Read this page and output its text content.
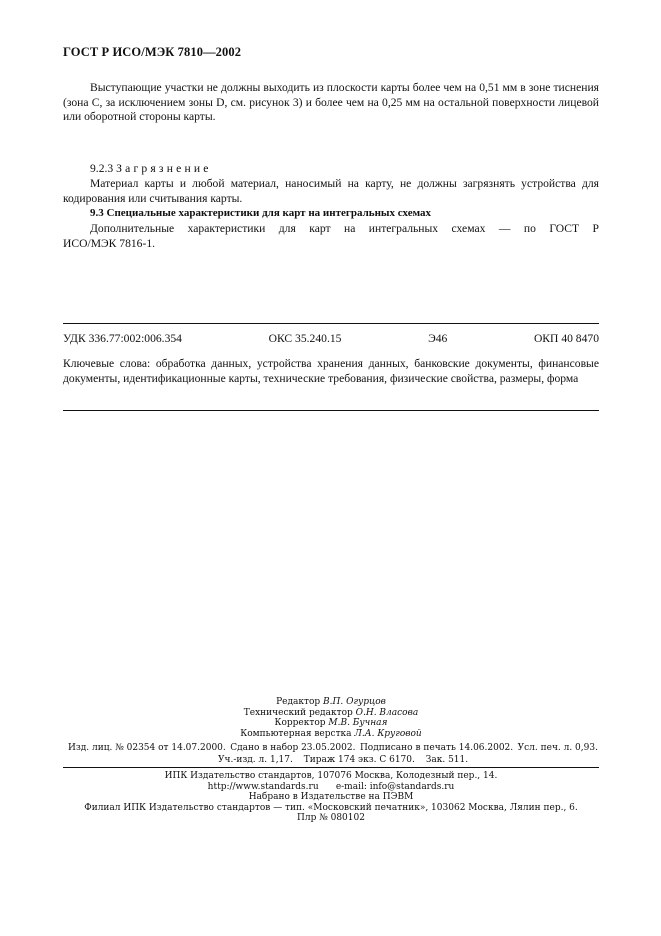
ГОСТ Р ИСО/МЭК 7810—2002
Выступающие участки не должны выходить из плоскости карты более чем на 0,51 мм в зоне тиснения (зона C, за исключением зоны D, см. рисунок 3) и более чем на 0,25 мм на остальной поверхности лицевой или оборотной стороны карты.
9.2.3 Загрязнение
Материал карты и любой материал, наносимый на карту, не должны загрязнять устройства для кодирования или считывания карты.
9.3 Специальные характеристики для карт на интегральных схемах
Дополнительные характеристики для карт на интегральных схемах — по ГОСТ Р
ИСО/МЭК 7816-1.
УДК 336.77:002:006.354	ОКС 35.240.15	Э46	ОКП 40 8470
Ключевые слова: обработка данных, устройства хранения данных, банковские документы, финансовые документы, идентификационные карты, технические требования, физические свойства, размеры, форма
Редактор В.П. Огурцов
Технический редактор О.Н. Власова
Корректор М.В. Бучная
Компьютерная верстка Л.А. Круговой
Изд. лиц. № 02354 от 14.07.2000. Сдано в набор 23.05.2002. Подписано в печать 14.06.2002. Усл. печ. л. 0,93.
Уч.-изд. л. 1,17. Тираж 174 экз. С 6170. Зак. 511.
ИПК Издательство стандартов, 107076 Москва, Колодезный пер., 14.
http://www.standards.ru e-mail: info@standards.ru
Набрано в Издательстве на ПЭВМ
Филиал ИПК Издательство стандартов — тип. «Московский печатник», 103062 Москва, Лялин пер., 6.
Плр № 080102
